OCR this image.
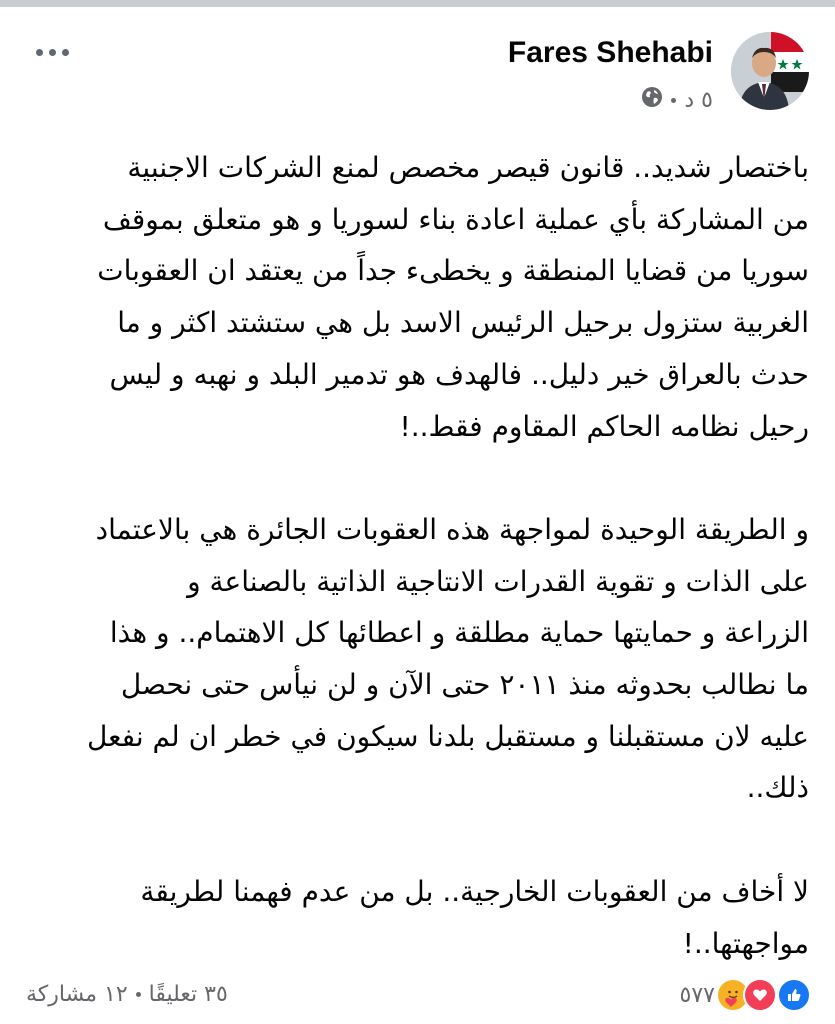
Fares Shehabi
٥ د

باختصار شديد.. قانون قيصر مخصص لمنع الشركات الاجنبية
من المشاركة بأي عملية اعادة بناء لسوريا و هو متعلق بموقف
سوريا من قضايا المنطقة و يخطىء جداً من يعتقد ان العقوبات
الغربية ستزول برحيل الرئيس الاسد بل هي ستشتد اكثر و ما
حدث بالعراق خير دليل.. فالهدف هو تدمير البلد و نهبه و ليس
رحيل نظامه الحاكم المقاوم فقط..!

و الطريقة الوحيدة لمواجهة هذه العقوبات الجائرة هي بالاعتماد
على الذات و تقوية القدرات الانتاجية الذاتية بالصناعة و
الزراعة و حمايتها حماية مطلقة و اعطائها كل الاهتمام.. و هذا
ما نطالب بحدوثه منذ ٢٠١١ حتى الآن و لن نيأس حتى نحصل
عليه لان مستقبلنا و مستقبل بلدنا سيكون في خطر ان لم نفعل
ذلك..

لا أخاف من العقوبات الخارجية.. بل من عدم فهمنا لطريقة
مواجهتها..!

٥٧٧
٣٥ تعليقًا
١٢ مشاركة
